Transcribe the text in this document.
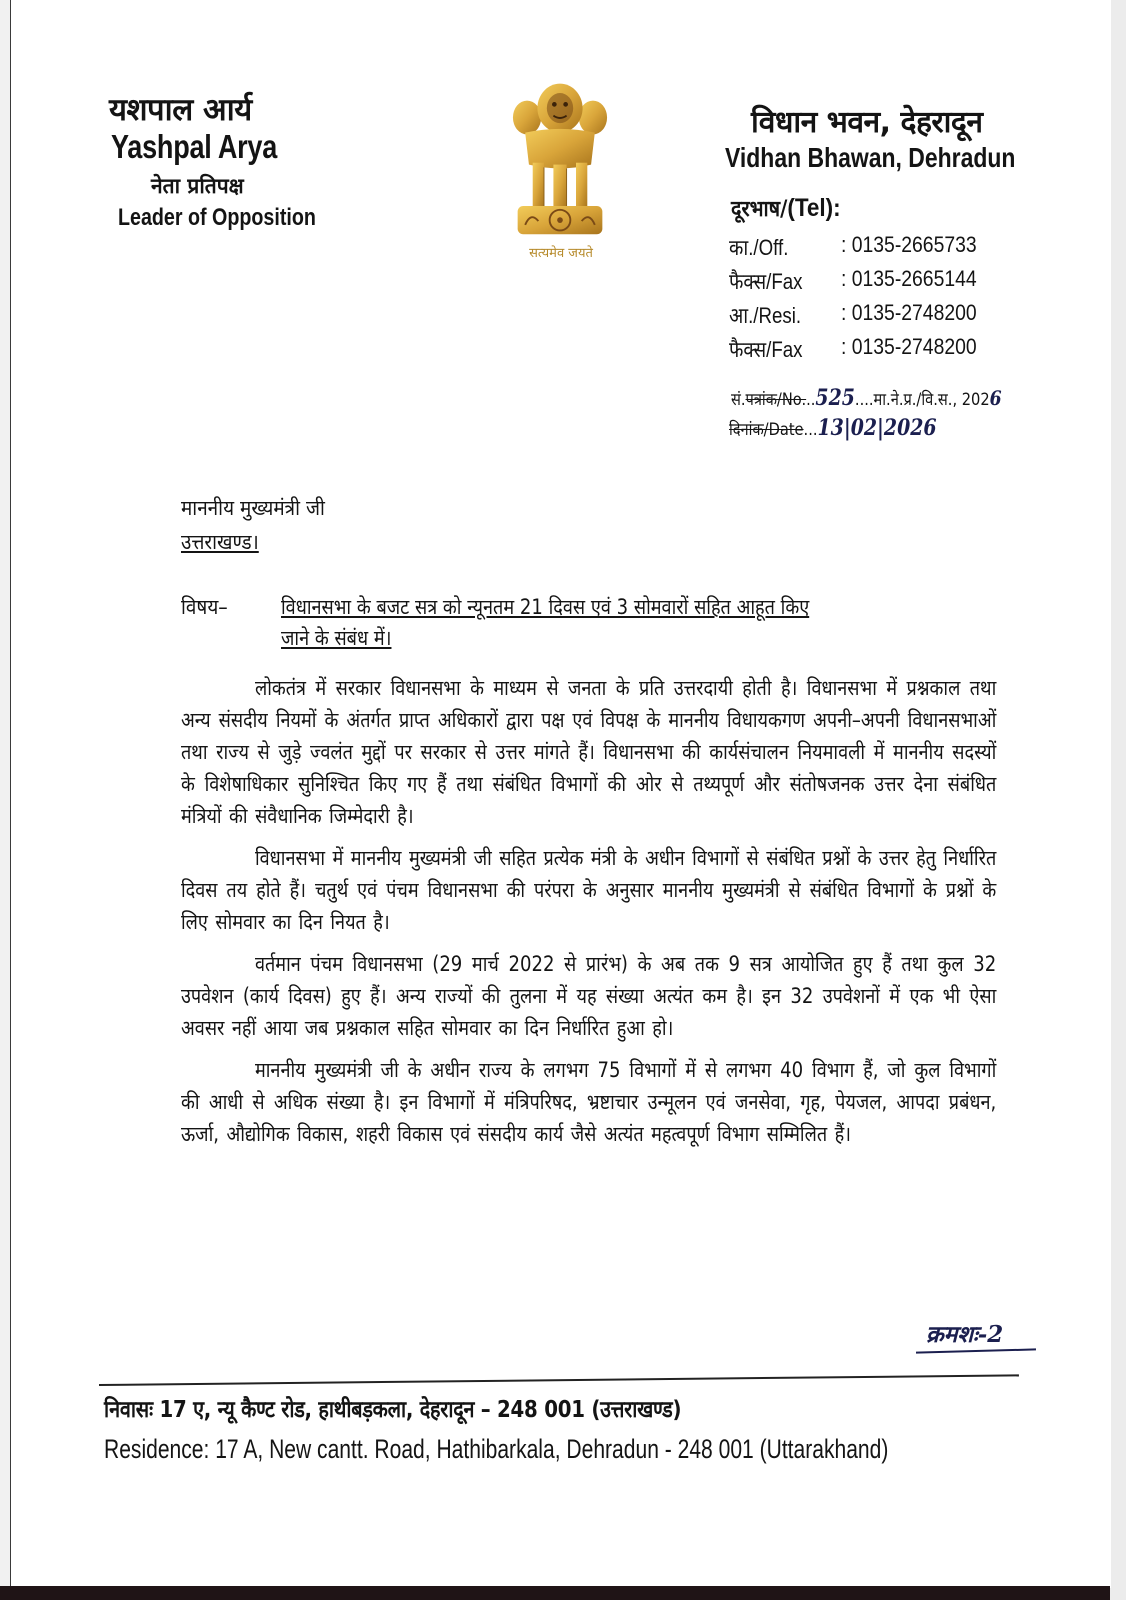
यशपाल आर्य
Yashpal Arya
नेता प्रतिपक्ष
Leader of Opposition
सत्यमेव जयते
विधान भवन, देहरादून
Vidhan Bhawan, Dehradun
दूरभाष/(Tel):
का./Off. : 0135-2665733
फैक्स/Fax : 0135-2665144
आ./Resi. : 0135-2748200
फैक्स/Fax : 0135-2748200
सं.पत्रांक/No...525....मा.ने.प्र./वि.स., 2026
दिनांक/Date...13|02|2026
माननीय मुख्यमंत्री जी
उत्तराखण्ड।
विषय–	विधानसभा के बजट सत्र को न्यूनतम 21 दिवस एवं 3 सोमवारों सहित आहूत किए
जाने के संबंध में।

लोकतंत्र में सरकार विधानसभा के माध्यम से जनता के प्रति उत्तरदायी होती है। विधानसभा में प्रश्नकाल तथा अन्य संसदीय नियमों के अंतर्गत प्राप्त अधिकारों द्वारा पक्ष एवं विपक्ष के माननीय विधायकगण अपनी–अपनी विधानसभाओं तथा राज्य से जुड़े ज्वलंत मुद्दों पर सरकार से उत्तर मांगते हैं। विधानसभा की कार्यसंचालन नियमावली में माननीय सदस्यों के विशेषाधिकार सुनिश्चित किए गए हैं तथा संबंधित विभागों की ओर से तथ्यपूर्ण और संतोषजनक उत्तर देना संबंधित मंत्रियों की संवैधानिक जिम्मेदारी है।

विधानसभा में माननीय मुख्यमंत्री जी सहित प्रत्येक मंत्री के अधीन विभागों से संबंधित प्रश्नों के उत्तर हेतु निर्धारित दिवस तय होते हैं। चतुर्थ एवं पंचम विधानसभा की परंपरा के अनुसार माननीय मुख्यमंत्री से संबंधित विभागों के प्रश्नों के लिए सोमवार का दिन नियत है।

वर्तमान पंचम विधानसभा (29 मार्च 2022 से प्रारंभ) के अब तक 9 सत्र आयोजित हुए हैं तथा कुल 32 उपवेशन (कार्य दिवस) हुए हैं। अन्य राज्यों की तुलना में यह संख्या अत्यंत कम है। इन 32 उपवेशनों में एक भी ऐसा अवसर नहीं आया जब प्रश्नकाल सहित सोमवार का दिन निर्धारित हुआ हो।

माननीय मुख्यमंत्री जी के अधीन राज्य के लगभग 75 विभागों में से लगभग 40 विभाग हैं, जो कुल विभागों की आधी से अधिक संख्या है। इन विभागों में मंत्रिपरिषद, भ्रष्टाचार उन्मूलन एवं जनसेवा, गृह, पेयजल, आपदा प्रबंधन, ऊर्जा, औद्योगिक विकास, शहरी विकास एवं संसदीय कार्य जैसे अत्यंत महत्वपूर्ण विभाग सम्मिलित हैं।

क्रमशः-2
निवासः 17 ए, न्यू कैण्ट रोड, हाथीबड़कला, देहरादून – 248 001 (उत्तराखण्ड)
Residence: 17 A, New cantt. Road, Hathibarkala, Dehradun - 248 001 (Uttarakhand)
